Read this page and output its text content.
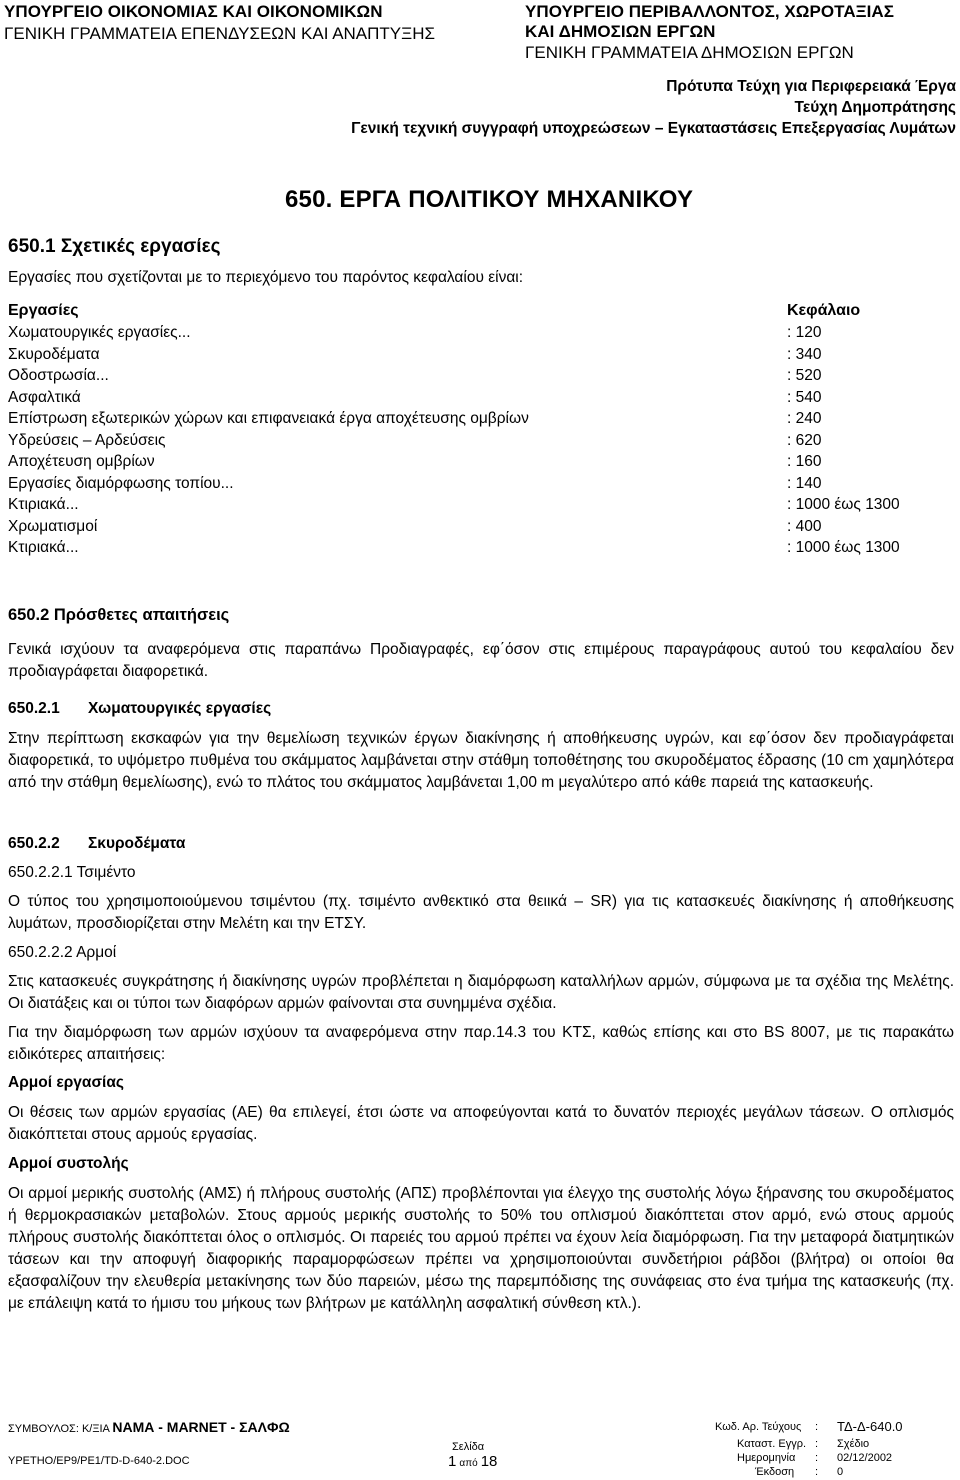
ΥΠΟΥΡΓΕΙΟ ΟΙΚΟΝΟΜΙΑΣ ΚΑΙ ΟΙΚΟΝΟΜΙΚΩΝ
ΓΕΝΙΚΗ ΓΡΑΜΜΑΤΕΙΑ ΕΠΕΝΔΥΣΕΩΝ ΚΑΙ ΑΝΑΠΤΥΞΗΣ
ΥΠΟΥΡΓΕΙΟ ΠΕΡΙΒΑΛΛΟΝΤΟΣ, ΧΩΡΟΤΑΞΙΑΣ
ΚΑΙ ΔΗΜΟΣΙΩΝ ΕΡΓΩΝ
ΓΕΝΙΚΗ ΓΡΑΜΜΑΤΕΙΑ ΔΗΜΟΣΙΩΝ ΕΡΓΩΝ
Πρότυπα Τεύχη για Περιφερειακά Έργα
Τεύχη Δημοπράτησης
Γενική τεχνική συγγραφή υποχρεώσεων – Εγκαταστάσεις Επεξεργασίας Λυμάτων
650. ΕΡΓΑ ΠΟΛΙΤΙΚΟΥ ΜΗΧΑΝΙΚΟΥ
650.1 Σχετικές εργασίες
Εργασίες που σχετίζονται με το περιεχόμενο του παρόντος κεφαλαίου είναι:
Εργασίες	Κεφάλαιο
Χωματουργικές εργασίες...	: 120
Σκυροδέματα	: 340
Οδοστρωσία...	: 520
Ασφαλτικά	: 540
Επίστρωση εξωτερικών χώρων και επιφανειακά έργα αποχέτευσης ομβρίων	: 240
Υδρεύσεις – Αρδεύσεις	: 620
Αποχέτευση ομβρίων	: 160
Εργασίες διαμόρφωσης τοπίου...	: 140
Κτιριακά...	: 1000 έως 1300
Χρωματισμοί	: 400
Κτιριακά...	: 1000 έως 1300
650.2 Πρόσθετες απαιτήσεις
Γενικά ισχύουν τα αναφερόμενα στις παραπάνω Προδιαγραφές, εφ΄όσον στις επιμέρους παραγράφους αυτού του κεφαλαίου δεν προδιαγράφεται διαφορετικά.
650.2.1 Χωματουργικές εργασίες
Στην περίπτωση εκσκαφών για την θεμελίωση τεχνικών έργων διακίνησης ή αποθήκευσης υγρών, και εφ΄όσον δεν προδιαγράφεται διαφορετικά, το υψόμετρο πυθμένα του σκάμματος λαμβάνεται στην στάθμη τοποθέτησης του σκυροδέματος έδρασης (10 cm χαμηλότερα από την στάθμη θεμελίωσης), ενώ το πλάτος του σκάμματος λαμβάνεται 1,00 m μεγαλύτερο από κάθε παρειά της κατασκευής.
650.2.2 Σκυροδέματα
650.2.2.1 Τσιμέντο
Ο τύπος του χρησιμοποιούμενου τσιμέντου (πχ. τσιμέντο ανθεκτικό στα θειικά – SR) για τις κατασκευές διακίνησης ή αποθήκευσης λυμάτων, προσδιορίζεται στην Μελέτη και την ΕΤΣΥ.
650.2.2.2 Αρμοί
Στις κατασκευές συγκράτησης ή διακίνησης υγρών προβλέπεται η διαμόρφωση καταλλήλων αρμών, σύμφωνα με τα σχέδια της Μελέτης. Οι διατάξεις και οι τύποι των διαφόρων αρμών φαίνονται στα συνημμένα σχέδια.
Για την διαμόρφωση των αρμών ισχύουν τα αναφερόμενα στην παρ.14.3 του ΚΤΣ, καθώς επίσης και στο BS 8007, με τις παρακάτω ειδικότερες απαιτήσεις:
Αρμοί εργασίας
Οι θέσεις των αρμών εργασίας (ΑΕ) θα επιλεγεί, έτσι ώστε να αποφεύγονται κατά το δυνατόν περιοχές μεγάλων τάσεων. Ο οπλισμός διακόπτεται στους αρμούς εργασίας.
Αρμοί συστολής
Οι αρμοί μερικής συστολής (ΑΜΣ) ή πλήρους συστολής (ΑΠΣ) προβλέπονται για έλεγχο της συστολής λόγω ξήρανσης του σκυροδέματος ή θερμοκρασιακών μεταβολών. Στους αρμούς μερικής συστολής το 50% του οπλισμού διακόπτεται στον αρμό, ενώ στους αρμούς πλήρους συστολής διακόπτεται όλος ο οπλισμός. Οι παρειές του αρμού πρέπει να έχουν λεία διαμόρφωση. Για την μεταφορά διατμητικών τάσεων και την αποφυγή διαφορικής παραμορφώσεων πρέπει να χρησιμοποιούνται συνδετήριοι ράβδοι (βλήτρα) οι οποίοι θα εξασφαλίζουν την ελευθερία μετακίνησης των δύο παρειών, μέσω της παρεμπόδισης της συνάφειας στο ένα τμήμα της κατασκευής (πχ. με επάλειψη κατά το ήμισυ του μήκους των βλήτρων με κατάλληλη ασφαλτική σύνθεση κτλ.).
ΣΥΜΒΟΥΛΟΣ: Κ/ΞΙΑ ΝΑΜΑ - ΜΑRΝΕΤ - ΣΑΛΦΩ
ΥΡΕΤΗΟ/ΕΡ9/ΡΕ1/TD-D-640-2.DOC
Σελίδα
1 από 18
Κωδ. Αρ. Τεύχους	:	ΤΔ-Δ-640.0
Καταστ. Εγγρ. :	Σχέδιο
Ημερομηνία	:	02/12/2002
Έκδοση	:	0
